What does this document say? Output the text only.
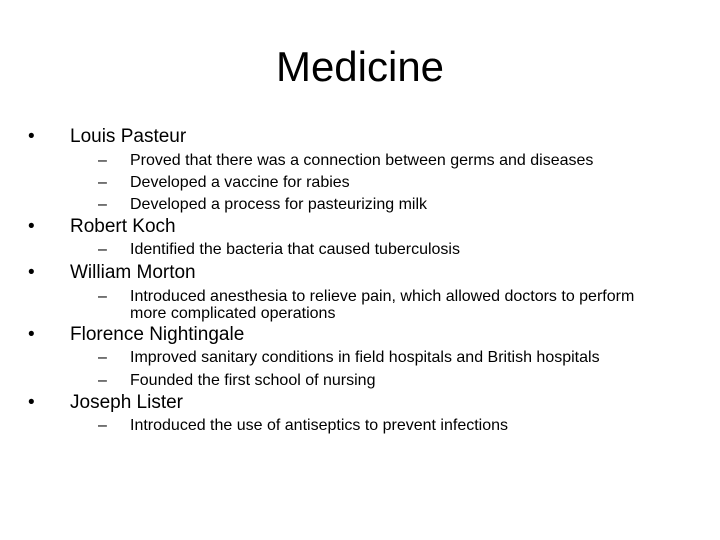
Medicine
• Louis Pasteur
– Proved that there was a connection between germs and diseases
– Developed a vaccine for rabies
– Developed a process for pasteurizing milk
• Robert Koch
– Identified the bacteria that caused tuberculosis
• William Morton
– Introduced anesthesia to relieve pain, which allowed doctors to perform
more complicated operations
• Florence Nightingale
– Improved sanitary conditions in field hospitals and British hospitals
– Founded the first school of nursing
• Joseph Lister
– Introduced the use of antiseptics to prevent infections
